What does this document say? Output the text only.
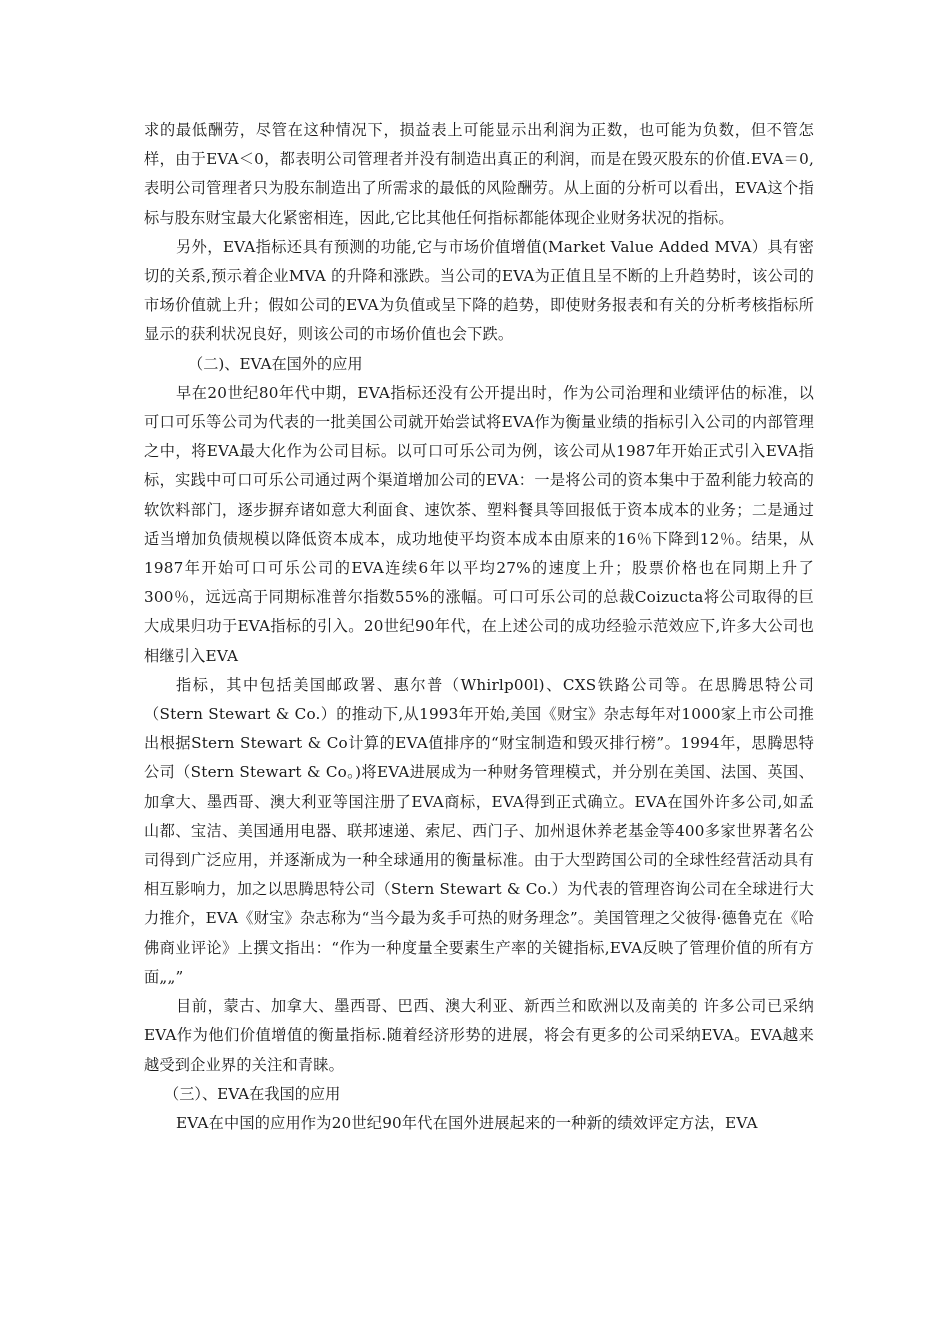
求的最低酬劳，尽管在这种情况下，损益表上可能显示出利润为正数，也可能为负数，但不管怎样，由于EVA＜0，都表明公司管理者并没有制造出真正的利润，而是在毁灭股东的价值.EVA＝0,表明公司管理者只为股东制造出了所需求的最低的风险酬劳。从上面的分析可以看出，EVA这个指标与股东财宝最大化紧密相连，因此,它比其他任何指标都能体现企业财务状况的指标。

另外，EVA指标还具有预测的功能,它与市场价值增值(Market Value Added MVA）具有密切的关系,预示着企业MVA 的升降和涨跌。当公司的EVA为正值且呈不断的上升趋势时，该公司的市场价值就上升；假如公司的EVA为负值或呈下降的趋势，即使财务报表和有关的分析考核指标所显示的获利状况良好，则该公司的市场价值也会下跌。

（二)、EVA在国外的应用

早在20世纪80年代中期，EVA指标还没有公开提出时，作为公司治理和业绩评估的标准，以可口可乐等公司为代表的一批美国公司就开始尝试将EVA作为衡量业绩的指标引入公司的内部管理之中，将EVA最大化作为公司目标。以可口可乐公司为例，该公司从1987年开始正式引入EVA指标，实践中可口可乐公司通过两个渠道增加公司的EVA：一是将公司的资本集中于盈利能力较高的软饮料部门，逐步摒弃诸如意大利面食、速饮茶、塑料餐具等回报低于资本成本的业务；二是通过适当增加负债规模以降低资本成本，成功地使平均资本成本由原来的16％下降到12％。结果，从1987年开始可口可乐公司的EVA连续6年以平均27%的速度上升；股票价格也在同期上升了300％，远远高于同期标准普尔指数55%的涨幅。可口可乐公司的总裁Coizucta将公司取得的巨大成果归功于EVA指标的引入。20世纪90年代，在上述公司的成功经验示范效应下,许多大公司也相继引入EVA

指标，其中包括美国邮政署、惠尔普（Whirlp00l)、CXS铁路公司等。在思腾思特公司（Stern Stewart & Co.）的推动下,从1993年开始,美国《财宝》杂志每年对1000家上市公司推出根据Stern Stewart & Co计算的EVA值排序的“财宝制造和毁灭排行榜”。1994年，思腾思特公司（Stern Stewart & Co。)将EVA进展成为一种财务管理模式，并分别在美国、法国、英国、加拿大、墨西哥、澳大利亚等国注册了EVA商标，EVA得到正式确立。EVA在国外许多公司,如孟山都、宝洁、美国通用电器、联邦速递、索尼、西门子、加州退休养老基金等400多家世界著名公司得到广泛应用，并逐渐成为一种全球通用的衡量标准。由于大型跨国公司的全球性经营活动具有相互影响力，加之以思腾思特公司（Stern Stewart & Co.）为代表的管理咨询公司在全球进行大力推介，EVA《财宝》杂志称为“当今最为炙手可热的财务理念”。美国管理之父彼得·德鲁克在《哈佛商业评论》上撰文指出：“作为一种度量全要素生产率的关键指标,EVA反映了管理价值的所有方面„„”

目前，蒙古、加拿大、墨西哥、巴西、澳大利亚、新西兰和欧洲以及南美的 许多公司已采纳EVA作为他们价值增值的衡量指标.随着经济形势的进展，将会有更多的公司采纳EVA。EVA越来越受到企业界的关注和青睐。

（三）、EVA在我国的应用

EVA在中国的应用作为20世纪90年代在国外进展起来的一种新的绩效评定方法，EVA
